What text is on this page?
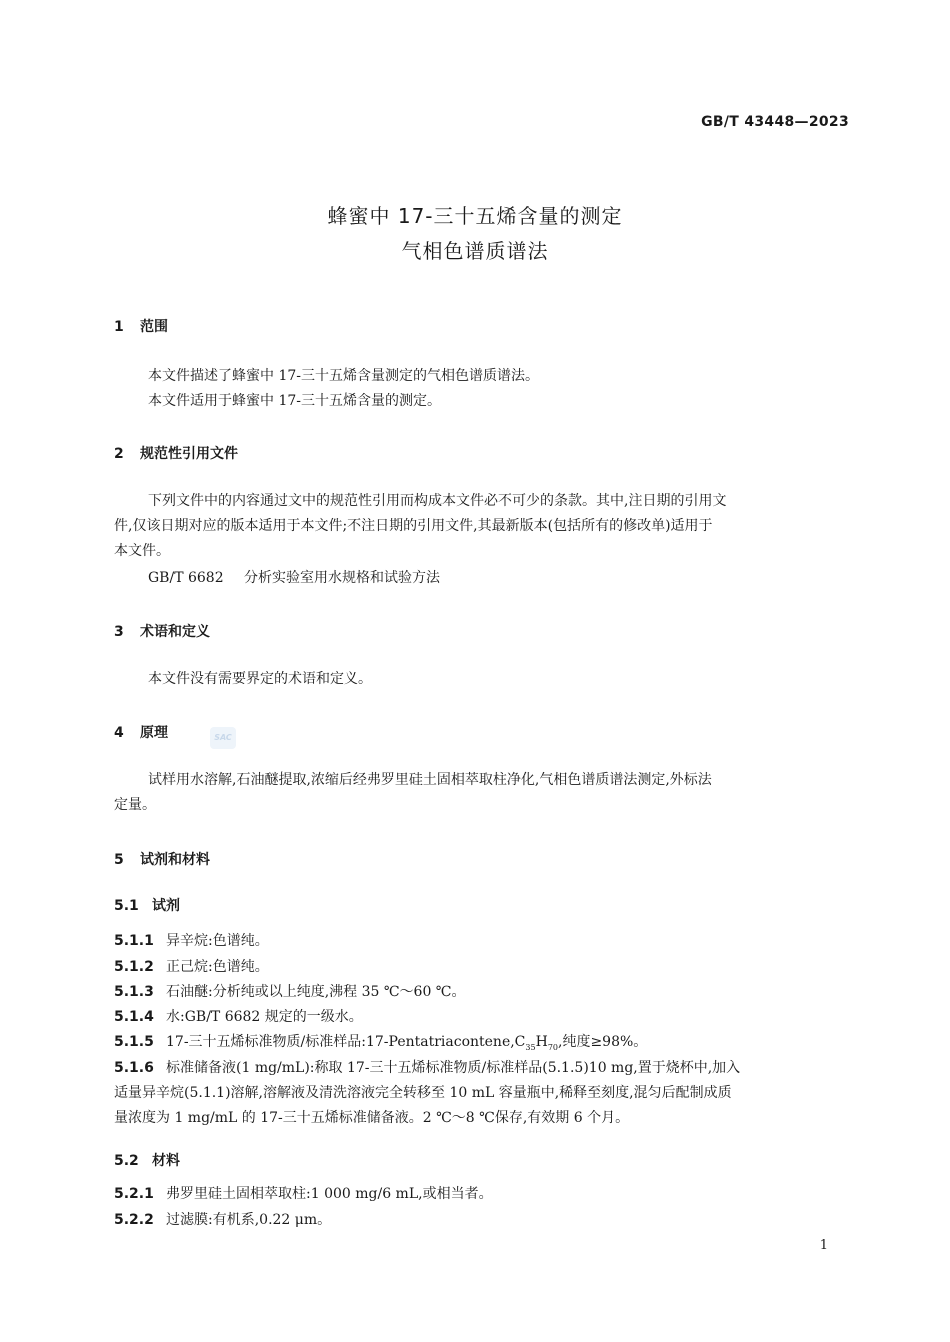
GB/T 43448—2023
蜂蜜中 17-三十五烯含量的测定
气相色谱质谱法
1 范围
本文件描述了蜂蜜中 17-三十五烯含量测定的气相色谱质谱法。
本文件适用于蜂蜜中 17-三十五烯含量的测定。
2 规范性引用文件
下列文件中的内容通过文中的规范性引用而构成本文件必不可少的条款。其中,注日期的引用文
件,仅该日期对应的版本适用于本文件;不注日期的引用文件,其最新版本(包括所有的修改单)适用于
本文件。
GB/T 6682 分析实验室用水规格和试验方法
3 术语和定义
本文件没有需要界定的术语和定义。
4 原理	SAC
试样用水溶解,石油醚提取,浓缩后经弗罗里硅土固相萃取柱净化,气相色谱质谱法测定,外标法
定量。
5 试剂和材料
5.1 试剂
5.1.1 异辛烷:色谱纯。
5.1.2 正己烷:色谱纯。
5.1.3 石油醚:分析纯或以上纯度,沸程 35 ℃～60 ℃。
5.1.4 水:GB/T 6682 规定的一级水。
5.1.5 17-三十五烯标准物质/标准样品$:17-Pentatriacontene,C_{35}H_{70}$,纯度≥98%。
5.1.6 标准储备液(1 mg/mL):称取 17-三十五烯标准物质/标准样品(5.1.5)10 mg,置于烧杯中,加入
适量异辛烷(5.1.1)溶解,溶解液及清洗溶液完全转移至 10 mL 容量瓶中,稀释至刻度,混匀后配制成质
量浓度为 1 mg/mL 的 17-三十五烯标准储备液。2 ℃～8 ℃保存,有效期 6 个月。
5.2 材料
5.2.1 弗罗里硅土固相萃取柱:1 000 mg/6 mL,或相当者。
5.2.2 过滤膜:有机系,0.22 μm。
1
